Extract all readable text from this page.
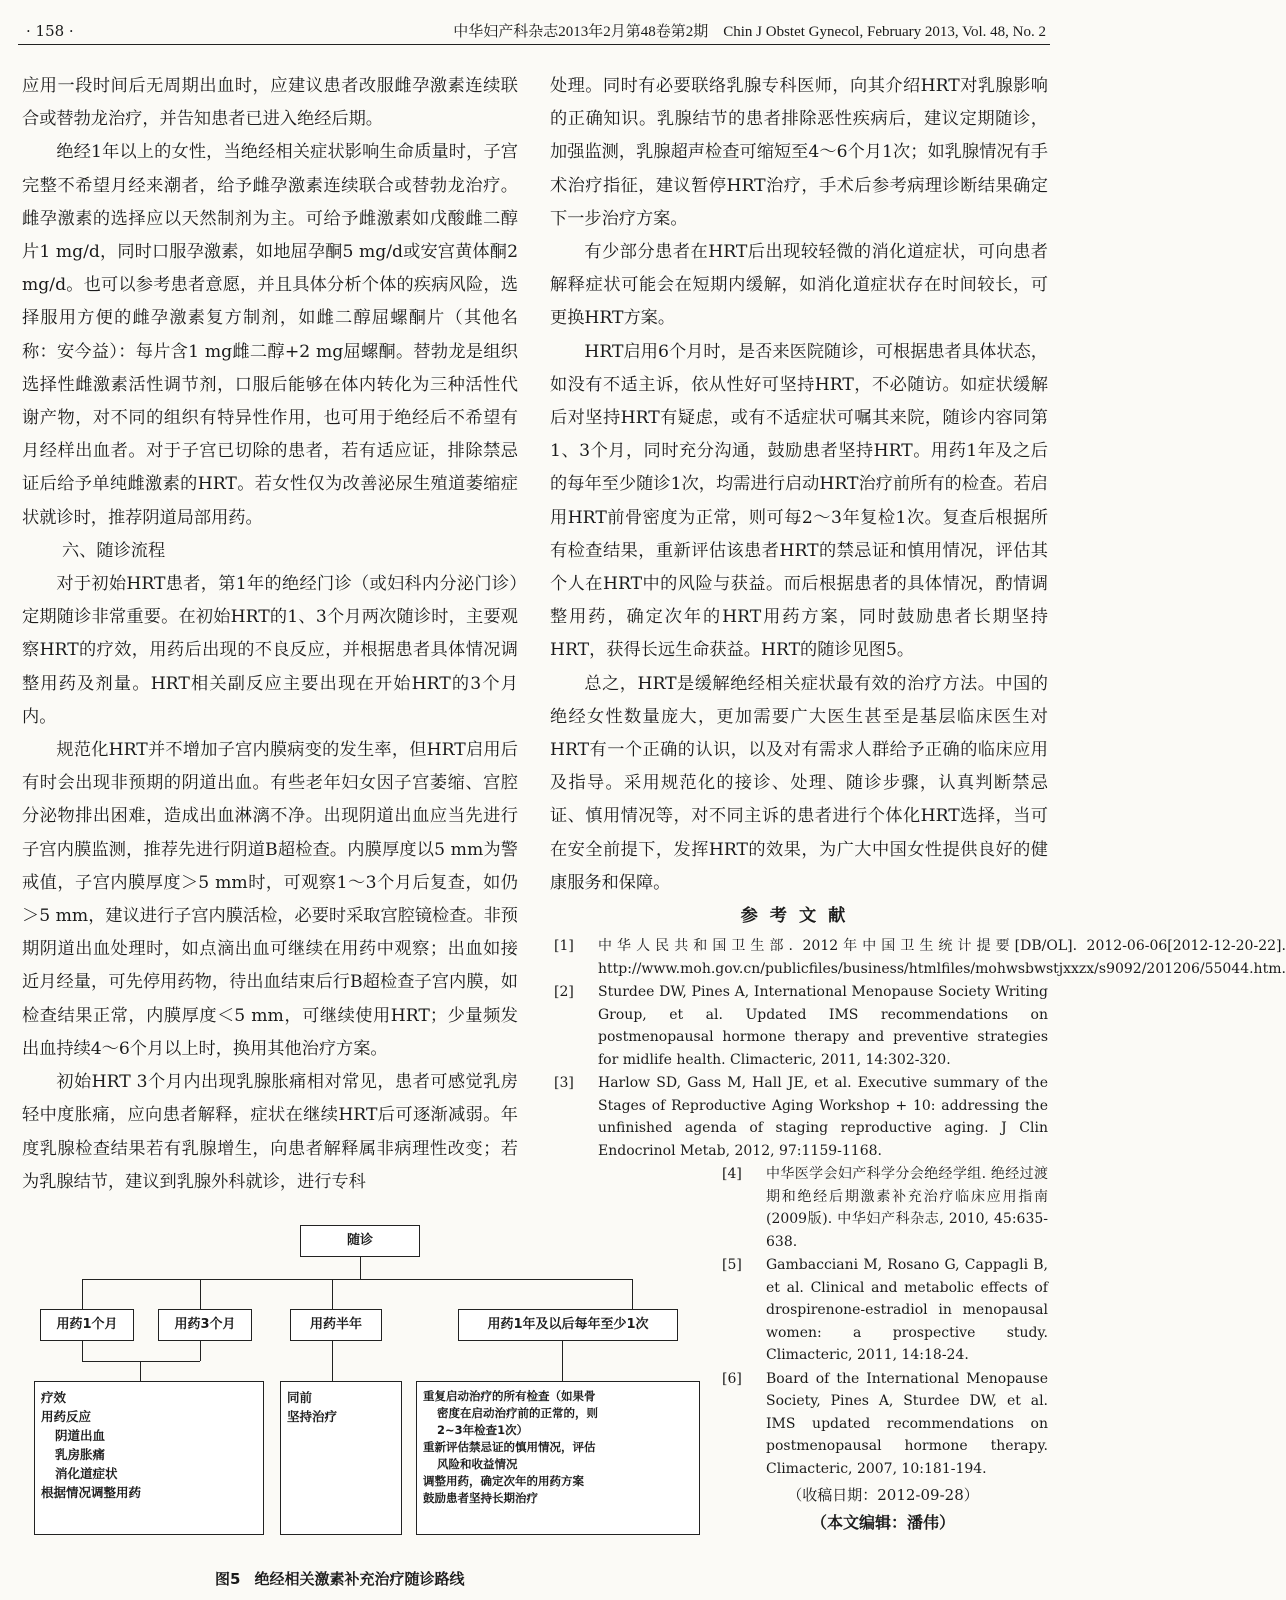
· 158 ·	中华妇产科杂志2013年2月第48卷第2期　Chin J Obstet Gynecol, February 2013, Vol. 48, No. 2

应用一段时间后无周期出血时，应建议患者改服雌孕激素连续联合或替勃龙治疗，并告知患者已进入绝经后期。

绝经1年以上的女性，当绝经相关症状影响生命质量时，子宫完整不希望月经来潮者，给予雌孕激素连续联合或替勃龙治疗。雌孕激素的选择应以天然制剂为主。可给予雌激素如戊酸雌二醇片1 mg/d，同时口服孕激素，如地屈孕酮5 mg/d或安宫黄体酮2 mg/d。也可以参考患者意愿，并且具体分析个体的疾病风险，选择服用方便的雌孕激素复方制剂，如雌二醇屈螺酮片（其他名称：安今益）：每片含1 mg雌二醇+2 mg屈螺酮。替勃龙是组织选择性雌激素活性调节剂，口服后能够在体内转化为三种活性代谢产物，对不同的组织有特异性作用，也可用于绝经后不希望有月经样出血者。对于子宫已切除的患者，若有适应证，排除禁忌证后给予单纯雌激素的HRT。若女性仅为改善泌尿生殖道萎缩症状就诊时，推荐阴道局部用药。

六、随诊流程

对于初始HRT患者，第1年的绝经门诊（或妇科内分泌门诊）定期随诊非常重要。在初始HRT的1、3个月两次随诊时，主要观察HRT的疗效，用药后出现的不良反应，并根据患者具体情况调整用药及剂量。HRT相关副反应主要出现在开始HRT的3个月内。

规范化HRT并不增加子宫内膜病变的发生率，但HRT启用后有时会出现非预期的阴道出血。有些老年妇女因子宫萎缩、宫腔分泌物排出困难，造成出血淋漓不净。出现阴道出血应当先进行子宫内膜监测，推荐先进行阴道B超检查。内膜厚度以5 mm为警戒值，子宫内膜厚度＞5 mm时，可观察1～3个月后复查，如仍＞5 mm，建议进行子宫内膜活检，必要时采取宫腔镜检查。非预期阴道出血处理时，如点滴出血可继续在用药中观察；出血如接近月经量，可先停用药物，待出血结束后行B超检查子宫内膜，如检查结果正常，内膜厚度＜5 mm，可继续使用HRT；少量频发出血持续4～6个月以上时，换用其他治疗方案。

初始HRT 3个月内出现乳腺胀痛相对常见，患者可感觉乳房轻中度胀痛，应向患者解释，症状在继续HRT后可逐渐减弱。年度乳腺检查结果若有乳腺增生，向患者解释属非病理性改变；若为乳腺结节，建议到乳腺外科就诊，进行专科

处理。同时有必要联络乳腺专科医师，向其介绍HRT对乳腺影响的正确知识。乳腺结节的患者排除恶性疾病后，建议定期随诊，加强监测，乳腺超声检查可缩短至4～6个月1次；如乳腺情况有手术治疗指征，建议暂停HRT治疗，手术后参考病理诊断结果确定下一步治疗方案。

有少部分患者在HRT后出现较轻微的消化道症状，可向患者解释症状可能会在短期内缓解，如消化道症状存在时间较长，可更换HRT方案。

HRT启用6个月时，是否来医院随诊，可根据患者具体状态，如没有不适主诉，依从性好可坚持HRT，不必随访。如症状缓解后对坚持HRT有疑虑，或有不适症状可嘱其来院，随诊内容同第1、3个月，同时充分沟通，鼓励患者坚持HRT。用药1年及之后的每年至少随诊1次，均需进行启动HRT治疗前所有的检查。若启用HRT前骨密度为正常，则可每2～3年复检1次。复查后根据所有检查结果，重新评估该患者HRT的禁忌证和慎用情况，评估其个人在HRT中的风险与获益。而后根据患者的具体情况，酌情调整用药，确定次年的HRT用药方案，同时鼓励患者长期坚持HRT，获得长远生命获益。HRT的随诊见图5。

总之，HRT是缓解绝经相关症状最有效的治疗方法。中国的绝经女性数量庞大，更加需要广大医生甚至是基层临床医生对HRT有一个正确的认识，以及对有需求人群给予正确的临床应用及指导。采用规范化的接诊、处理、随诊步骤，认真判断禁忌证、慎用情况等，对不同主诉的患者进行个体化HRT选择，当可在安全前提下，发挥HRT的效果，为广大中国女性提供良好的健康服务和保障。

参考文献

[1]	中华人民共和国卫生部. 2012年中国卫生统计提要[DB/OL]. 2012-06-06[2012-12-20-22]. http://www.moh.gov.cn/publicfiles/business/htmlfiles/mohwsbwstjxxzx/s9092/201206/55044.htm.
[2]	Sturdee DW, Pines A, International Menopause Society Writing Group, et al. Updated IMS recommendations on postmenopausal hormone therapy and preventive strategies for midlife health. Climacteric, 2011, 14:302-320.
[3]	Harlow SD, Gass M, Hall JE, et al. Executive summary of the Stages of Reproductive Aging Workshop + 10: addressing the unfinished agenda of staging reproductive aging. J Clin Endocrinol Metab, 2012, 97:1159-1168.
[4]	中华医学会妇产科学分会绝经学组. 绝经过渡期和绝经后期激素补充治疗临床应用指南(2009版). 中华妇产科杂志, 2010, 45:635-638.
[5]	Gambacciani M, Rosano G, Cappagli B, et al. Clinical and metabolic effects of drospirenone-estradiol in menopausal women: a prospective study. Climacteric, 2011, 14:18-24.
[6]	Board of the International Menopause Society, Pines A, Sturdee DW, et al. IMS updated recommendations on postmenopausal hormone therapy. Climacteric, 2007, 10:181-194.
（收稿日期：2012-09-28）
（本文编辑：潘伟）
随诊
用药1个月	用药3个月	用药半年	用药1年及以后每年至少1次
疗效
用药反应
阴道出血
乳房胀痛
消化道症状
根据情况调整用药
同前
坚持治疗
重复启动治疗的所有检查（如果骨
密度在启动治疗前的正常的，则
2~3年检查1次）
重新评估禁忌证的慎用情况，评估
风险和收益情况
调整用药，确定次年的用药方案
鼓励患者坚持长期治疗
图5 绝经相关激素补充治疗随诊路线
